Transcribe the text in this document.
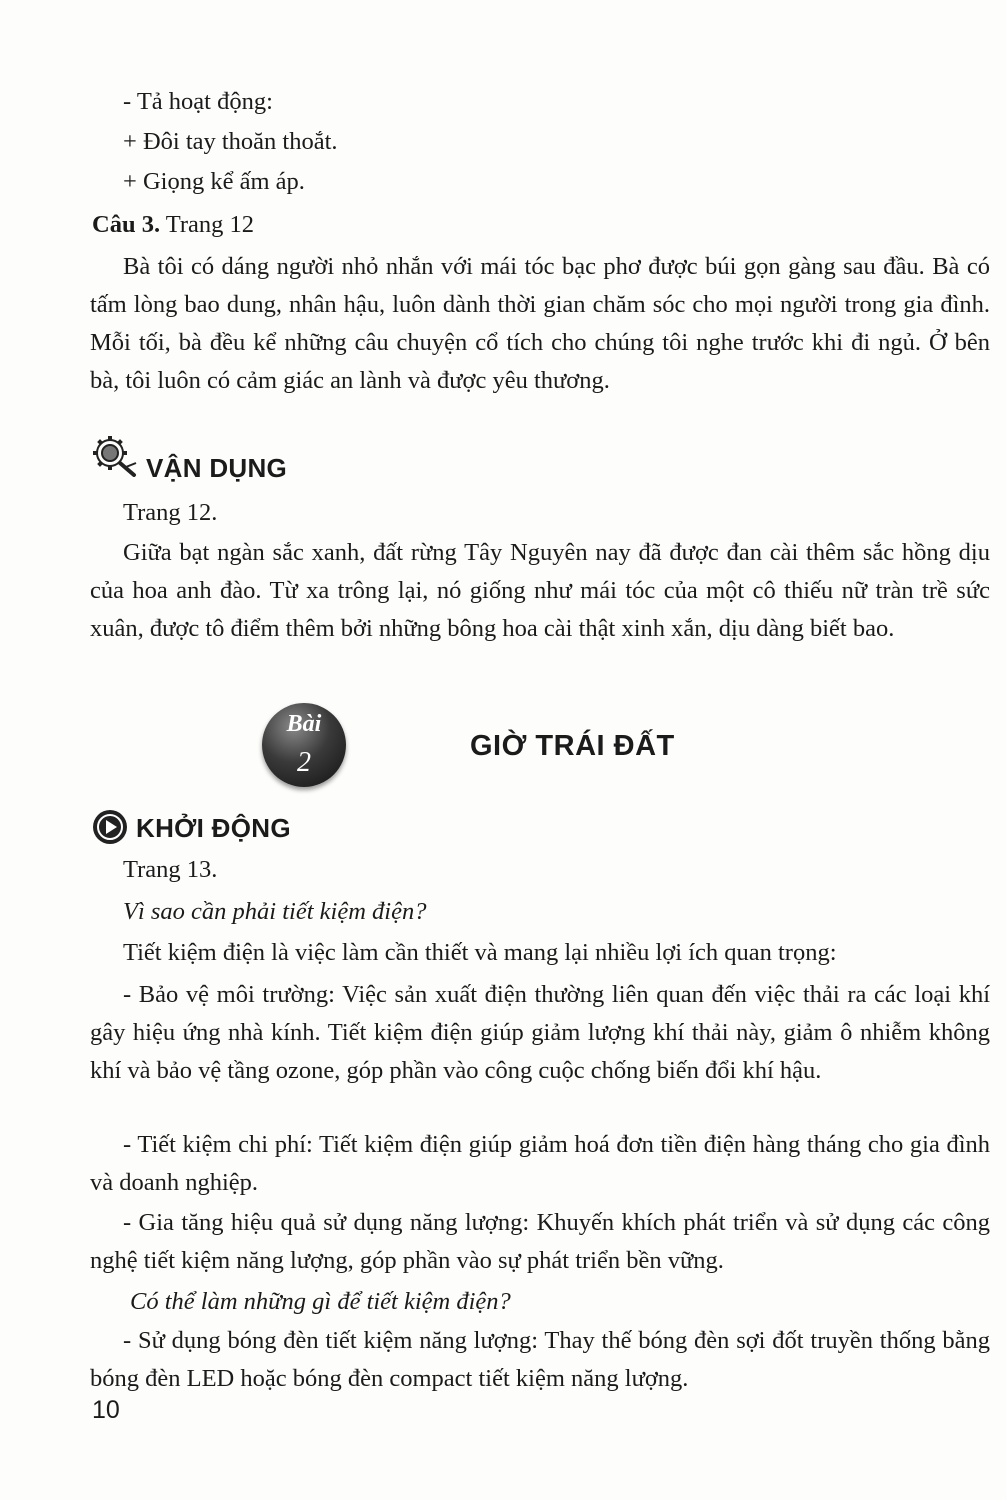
- Tả hoạt động:

+ Đôi tay thoăn thoắt.

+ Giọng kể ấm áp.

Câu 3. Trang 12

Bà tôi có dáng người nhỏ nhắn với mái tóc bạc phơ được búi gọn gàng sau đầu. Bà có tấm lòng bao dung, nhân hậu, luôn dành thời gian chăm sóc cho mọi người trong gia đình. Mỗi tối, bà đều kể những câu chuyện cổ tích cho chúng tôi nghe trước khi đi ngủ. Ở bên bà, tôi luôn có cảm giác an lành và được yêu thương.

VẬN DỤNG

Trang 12.

Giữa bạt ngàn sắc xanh, đất rừng Tây Nguyên nay đã được đan cài thêm sắc hồng dịu của hoa anh đào. Từ xa trông lại, nó giống như mái tóc của một cô thiếu nữ tràn trề sức xuân, được tô điểm thêm bởi những bông hoa cài thật xinh xắn, dịu dàng biết bao.

Bài
2
GIỜ TRÁI ĐẤT
KHỞI ĐỘNG

Trang 13.

Vì sao cần phải tiết kiệm điện?

Tiết kiệm điện là việc làm cần thiết và mang lại nhiều lợi ích quan trọng:

- Bảo vệ môi trường: Việc sản xuất điện thường liên quan đến việc thải ra các loại khí gây hiệu ứng nhà kính. Tiết kiệm điện giúp giảm lượng khí thải này, giảm ô nhiễm không khí và bảo vệ tầng ozone, góp phần vào công cuộc chống biến đổi khí hậu.

- Tiết kiệm chi phí: Tiết kiệm điện giúp giảm hoá đơn tiền điện hàng tháng cho gia đình và doanh nghiệp.

- Gia tăng hiệu quả sử dụng năng lượng: Khuyến khích phát triển và sử dụng các công nghệ tiết kiệm năng lượng, góp phần vào sự phát triển bền vững.

Có thể làm những gì để tiết kiệm điện?

- Sử dụng bóng đèn tiết kiệm năng lượng: Thay thế bóng đèn sợi đốt truyền thống bằng bóng đèn LED hoặc bóng đèn compact tiết kiệm năng lượng.

10
